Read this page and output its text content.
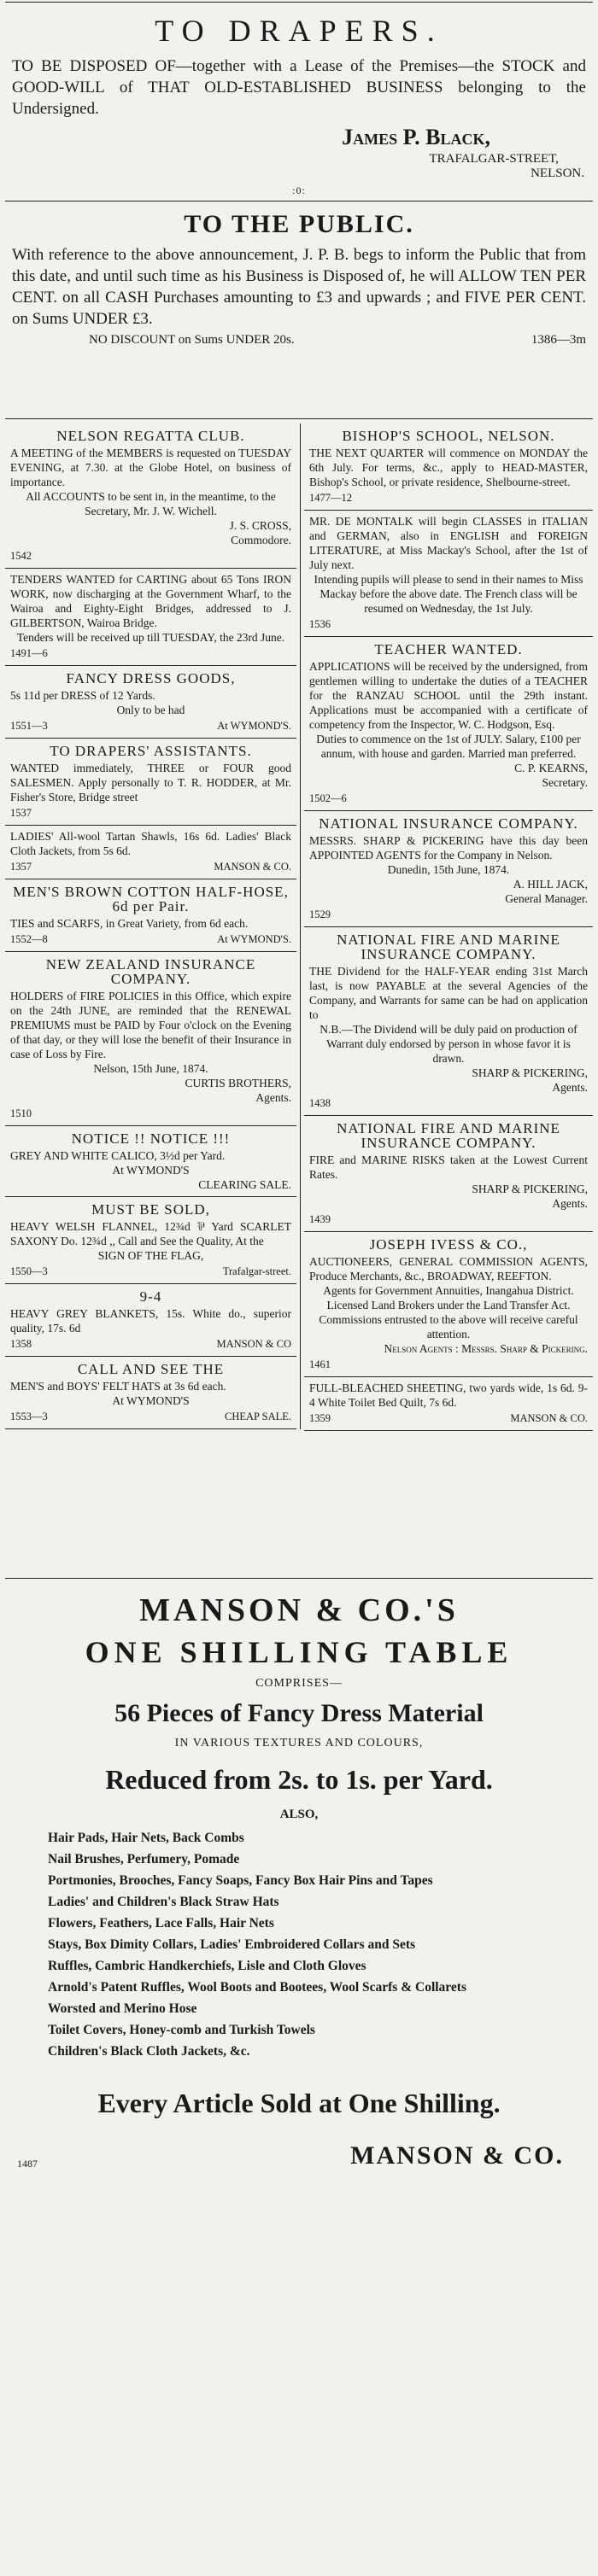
TO DRAPERS.

TO BE DISPOSED OF—together with a Lease of the Premises—the STOCK and GOOD-WILL of THAT OLD-ESTABLISHED BUSINESS belonging to the Undersigned.

James P. Black,
TRAFALGAR-STREET,
NELSON.
:0:
TO THE PUBLIC.

With reference to the above announcement, J. P. B. begs to inform the Public that from this date, and until such time as his Business is Disposed of, he will ALLOW TEN PER CENT. on all CASH Purchases amounting to £3 and upwards ; and FIVE PER CENT. on Sums UNDER £3.

NO DISCOUNT on Sums UNDER 20s.	1386—3m
NELSON REGATTA CLUB.

A MEETING of the MEMBERS is requested on TUESDAY EVENING, at 7.30. at the Globe Hotel, on business of importance.

All ACCOUNTS to be sent in, in the meantime, to the Secretary, Mr. J. W. Wichell.

J. S. CROSS,
Commodore.
1542

TENDERS WANTED for CARTING about 65 Tons IRON WORK, now discharging at the Government Wharf, to the Wairoa and Eighty-Eight Bridges, addressed to J. GILBERTSON, Wairoa Bridge.

Tenders will be received up till TUESDAY, the 23rd June.

1491—6
FANCY DRESS GOODS,

5s 11d per DRESS of 12 Yards.

Only to be had

1551—3	At WYMOND'S.
TO DRAPERS' ASSISTANTS.

WANTED immediately, THREE or FOUR good SALESMEN. Apply personally to T. R. HODDER, at Mr. Fisher's Store, Bridge street

1537

LADIES' All-wool Tartan Shawls, 16s 6d. Ladies' Black Cloth Jackets, from 5s 6d.

1357	MANSON & CO.
MEN'S BROWN COTTON HALF-HOSE, 6d per Pair.

TIES and SCARFS, in Great Variety, from 6d each.

1552—8	At WYMOND'S.
NEW ZEALAND INSURANCE COMPANY.

HOLDERS of FIRE POLICIES in this Office, which expire on the 24th JUNE, are reminded that the RENEWAL PREMIUMS must be PAID by Four o'clock on the Evening of that day, or they will lose the benefit of their Insurance in case of Loss by Fire.

Nelson, 15th June, 1874.

CURTIS BROTHERS,
Agents.
1510
NOTICE !! NOTICE !!!

GREY AND WHITE CALICO, 3½d per Yard.

At WYMOND'S

CLEARING SALE.
MUST BE SOLD,

HEAVY WELSH FLANNEL, 12¾d ⅌ Yard SCARLET SAXONY Do. 12¾d ,, Call and See the Quality, At the

SIGN OF THE FLAG,

1550—3	Trafalgar-street.
9-4

HEAVY GREY BLANKETS, 15s. White do., superior quality, 17s. 6d

1358	MANSON & CO
CALL AND SEE THE

MEN'S and BOYS' FELT HATS at 3s 6d each.

At WYMOND'S

1553—3	CHEAP SALE.
BISHOP'S SCHOOL, NELSON.

THE NEXT QUARTER will commence on MONDAY the 6th July. For terms, &c., apply to HEAD-MASTER, Bishop's School, or private residence, Shelbourne-street.

1477—12

MR. DE MONTALK will begin CLASSES in ITALIAN and GERMAN, also in ENGLISH and FOREIGN LITERATURE, at Miss Mackay's School, after the 1st of July next.

Intending pupils will please to send in their names to Miss Mackay before the above date. The French class will be resumed on Wednesday, the 1st July.

1536
TEACHER WANTED.

APPLICATIONS will be received by the undersigned, from gentlemen willing to undertake the duties of a TEACHER for the RANZAU SCHOOL until the 29th instant. Applications must be accompanied with a certificate of competency from the Inspector, W. C. Hodgson, Esq.

Duties to commence on the 1st of JULY. Salary, £100 per annum, with house and garden. Married man preferred.

C. P. KEARNS,
Secretary.
1502—6
NATIONAL INSURANCE COMPANY.

MESSRS. SHARP & PICKERING have this day been APPOINTED AGENTS for the Company in Nelson.

Dunedin, 15th June, 1874.

A. HILL JACK,
General Manager.
1529
NATIONAL FIRE AND MARINE INSURANCE COMPANY.

THE Dividend for the HALF-YEAR ending 31st March last, is now PAYABLE at the several Agencies of the Company, and Warrants for same can be had on application to

N.B.—The Dividend will be duly paid on production of Warrant duly endorsed by person in whose favor it is drawn.

SHARP & PICKERING,
Agents.
1438
NATIONAL FIRE AND MARINE INSURANCE COMPANY.

FIRE and MARINE RISKS taken at the Lowest Current Rates.

SHARP & PICKERING,
Agents.
1439
JOSEPH IVESS & CO.,

AUCTIONEERS, GENERAL COMMISSION AGENTS, Produce Merchants, &c., BROADWAY, REEFTON.

Agents for Government Annuities, Inangahua District. Licensed Land Brokers under the Land Transfer Act. Commissions entrusted to the above will receive careful attention.

Nelson Agents : Messrs. Sharp & Pickering.
1461

FULL-BLEACHED SHEETING, two yards wide, 1s 6d. 9-4 White Toilet Bed Quilt, 7s 6d.

1359	MANSON & CO.
MANSON & CO.'S
ONE SHILLING TABLE
COMPRISES—
56 Pieces of Fancy Dress Material
IN VARIOUS TEXTURES AND COLOURS,
Reduced from 2s. to 1s. per Yard.
ALSO,
Hair Pads, Hair Nets, Back Combs
Nail Brushes, Perfumery, Pomade
Portmonies, Brooches, Fancy Soaps, Fancy Box Hair Pins and Tapes
Ladies' and Children's Black Straw Hats
Flowers, Feathers, Lace Falls, Hair Nets
Stays, Box Dimity Collars, Ladies' Embroidered Collars and Sets
Ruffles, Cambric Handkerchiefs, Lisle and Cloth Gloves
Arnold's Patent Ruffles, Wool Boots and Bootees, Wool Scarfs & Collarets
Worsted and Merino Hose
Toilet Covers, Honey-comb and Turkish Towels
Children's Black Cloth Jackets, &c.
Every Article Sold at One Shilling.
1487	MANSON & CO.
